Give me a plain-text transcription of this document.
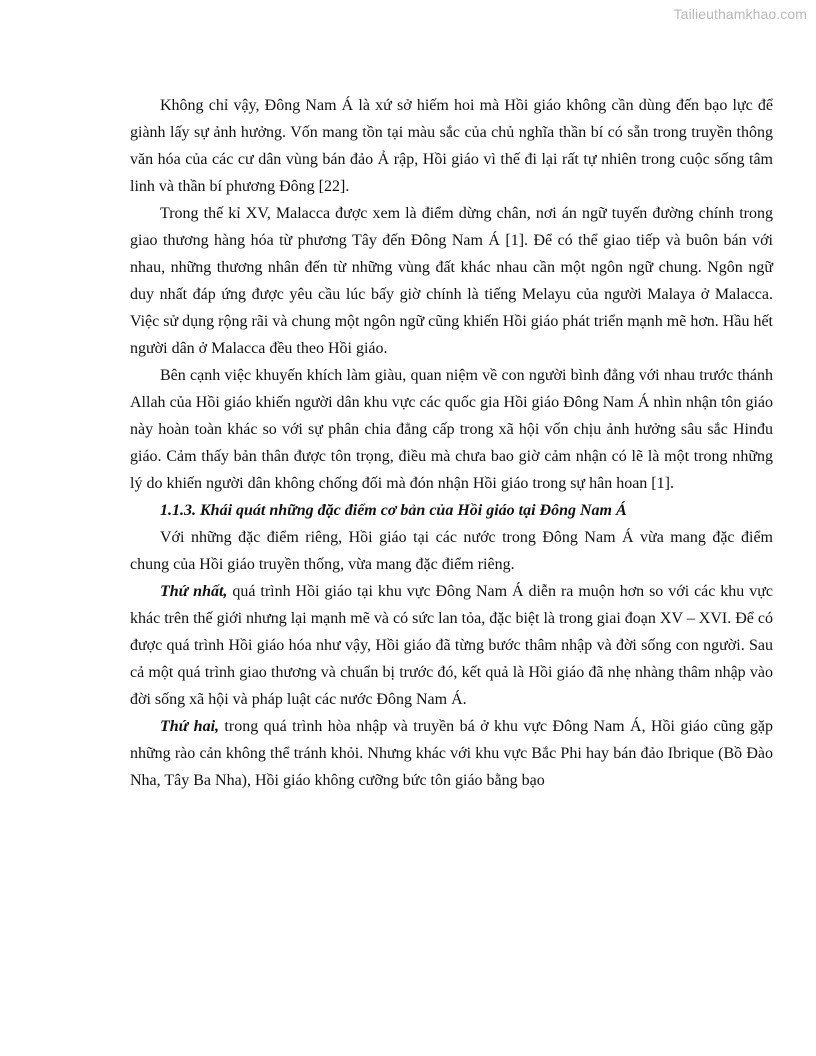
Tailieuthamkhao.com

Không chỉ vậy, Đông Nam Á là xứ sở hiếm hoi mà Hồi giáo không cần dùng đến bạo lực để giành lấy sự ảnh hưởng. Vốn mang tồn tại màu sắc của chủ nghĩa thần bí có sẵn trong truyền thông văn hóa của các cư dân vùng bán đảo Ả rập, Hồi giáo vì thế đi lại rất tự nhiên trong cuộc sống tâm linh và thần bí phương Đông [22].

Trong thế kỉ XV, Malacca được xem là điểm dừng chân, nơi án ngữ tuyến đường chính trong giao thương hàng hóa từ phương Tây đến Đông Nam Á [1]. Để có thể giao tiếp và buôn bán với nhau, những thương nhân đến từ những vùng đất khác nhau cần một ngôn ngữ chung. Ngôn ngữ duy nhất đáp ứng được yêu cầu lúc bấy giờ chính là tiếng Melayu của người Malaya ở Malacca. Việc sử dụng rộng rãi và chung một ngôn ngữ cũng khiến Hồi giáo phát triển mạnh mẽ hơn. Hầu hết người dân ở Malacca đều theo Hồi giáo.

Bên cạnh việc khuyến khích làm giàu, quan niệm về con người bình đẳng với nhau trước thánh Allah của Hồi giáo khiến người dân khu vực các quốc gia Hồi giáo Đông Nam Á nhìn nhận tôn giáo này hoàn toàn khác so với sự phân chia đẳng cấp trong xã hội vốn chịu ảnh hưởng sâu sắc Hinđu giáo. Cảm thấy bản thân được tôn trọng, điều mà chưa bao giờ cảm nhận có lẽ là một trong những lý do khiến người dân không chống đối mà đón nhận Hồi giáo trong sự hân hoan [1].

1.1.3. Khái quát những đặc điểm cơ bản của Hồi giáo tại Đông Nam Á

Với những đặc điểm riêng, Hồi giáo tại các nước trong Đông Nam Á vừa mang đặc điểm chung của Hồi giáo truyền thống, vừa mang đặc điểm riêng.

Thứ nhất, quá trình Hồi giáo tại khu vực Đông Nam Á diễn ra muộn hơn so với các khu vực khác trên thế giới nhưng lại mạnh mẽ và có sức lan tỏa, đặc biệt là trong giai đoạn XV – XVI. Để có được quá trình Hồi giáo hóa như vậy, Hồi giáo đã từng bước thâm nhập và đời sống con người. Sau cả một quá trình giao thương và chuẩn bị trước đó, kết quả là Hồi giáo đã nhẹ nhàng thâm nhập vào đời sống xã hội và pháp luật các nước Đông Nam Á.

Thứ hai, trong quá trình hòa nhập và truyền bá ở khu vực Đông Nam Á, Hồi giáo cũng gặp những rào cản không thể tránh khỏi. Nhưng khác với khu vực Bắc Phi hay bán đảo Ibrique (Bồ Đào Nha, Tây Ba Nha), Hồi giáo không cưỡng bức tôn giáo bằng bạo
